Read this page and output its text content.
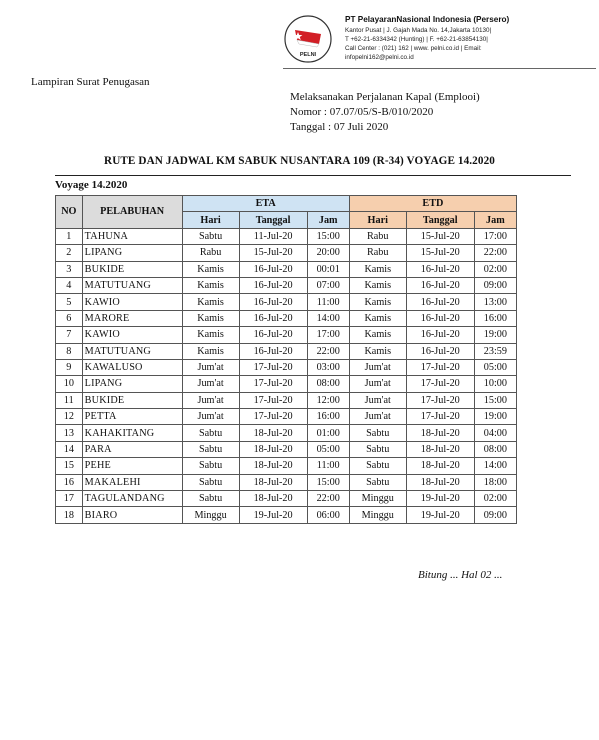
PELNI
PT PelayaranNasional Indonesia (Persero)
Kantor Pusat | J. Gajah Mada No. 14,Jakarta 10130|
T +62-21-6334342 (Hunting) | F. +62-21-63854130|
Call Center : (021) 162 | www. pelni.co.id | Email:
infopelni162@pelni.co.id
Lampiran Surat Penugasan
Melaksanakan Perjalanan Kapal (Emplooi)
Nomor : 07.07/05/S-B/010/2020
Tanggal : 07 Juli 2020
RUTE DAN JADWAL KM SABUK NUSANTARA 109 (R-34) VOYAGE 14.2020
Voyage 14.2020
NO	PELABUHAN	ETA			ETD		
		Hari	Tanggal	Jam	Hari	Tanggal	Jam
1	TAHUNA	Sabtu	11-Jul-20	15:00	Rabu	15-Jul-20	17:00
2	LIPANG	Rabu	15-Jul-20	20:00	Rabu	15-Jul-20	22:00
3	BUKIDE	Kamis	16-Jul-20	00:01	Kamis	16-Jul-20	02:00
4	MATUTUANG	Kamis	16-Jul-20	07:00	Kamis	16-Jul-20	09:00
5	KAWIO	Kamis	16-Jul-20	11:00	Kamis	16-Jul-20	13:00
6	MARORE	Kamis	16-Jul-20	14:00	Kamis	16-Jul-20	16:00
7	KAWIO	Kamis	16-Jul-20	17:00	Kamis	16-Jul-20	19:00
8	MATUTUANG	Kamis	16-Jul-20	22:00	Kamis	16-Jul-20	23:59
9	KAWALUSO	Jum'at	17-Jul-20	03:00	Jum'at	17-Jul-20	05:00
10	LIPANG	Jum'at	17-Jul-20	08:00	Jum'at	17-Jul-20	10:00
11	BUKIDE	Jum'at	17-Jul-20	12:00	Jum'at	17-Jul-20	15:00
12	PETTA	Jum'at	17-Jul-20	16:00	Jum'at	17-Jul-20	19:00
13	KAHAKITANG	Sabtu	18-Jul-20	01:00	Sabtu	18-Jul-20	04:00
14	PARA	Sabtu	18-Jul-20	05:00	Sabtu	18-Jul-20	08:00
15	PEHE	Sabtu	18-Jul-20	11:00	Sabtu	18-Jul-20	14:00
16	MAKALEHI	Sabtu	18-Jul-20	15:00	Sabtu	18-Jul-20	18:00
17	TAGULANDANG	Sabtu	18-Jul-20	22:00	Minggu	19-Jul-20	02:00
18	BIARO	Minggu	19-Jul-20	06:00	Minggu	19-Jul-20	09:00
Bitung ... Hal 02 ...
